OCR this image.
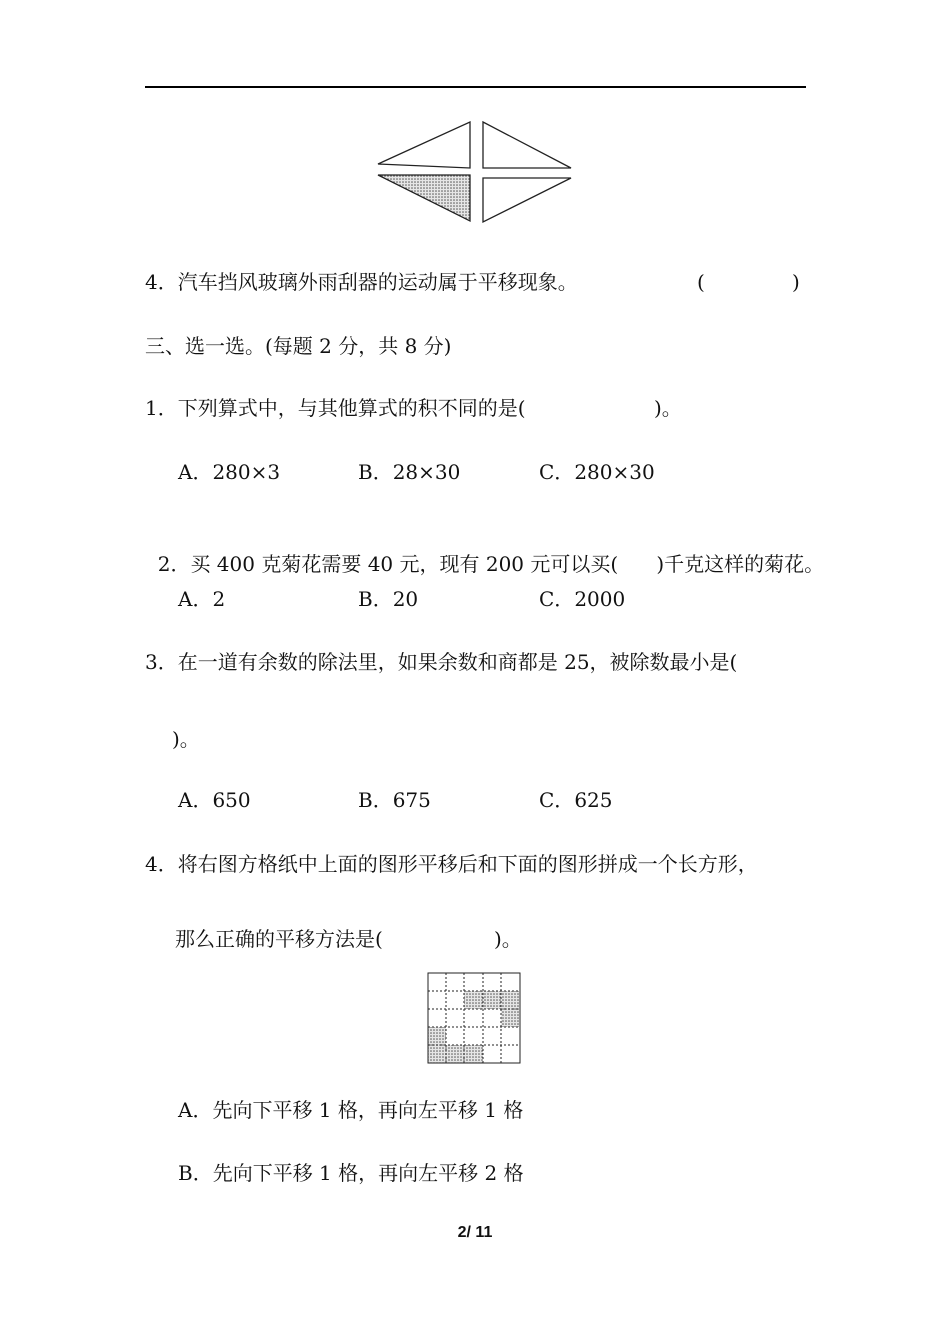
4．汽车挡风玻璃外雨刮器的运动属于平移现象。	(	)
三、选一选。(每题 2 分，共 8 分)
1．下列算式中，与其他算式的积不同的是(	)。
A．280×3	B．28×30	C．280×30

2．买 400 克菊花需要 40 元，现有 200 元可以买(      )千克这样的菊花。

A．2	B．20	C．2000
3．在一道有余数的除法里，如果余数和商都是 25，被除数最小是(
)。
A．650	B．675	C．625
4．将右图方格纸中上面的图形平移后和下面的图形拼成一个长方形，
那么正确的平移方法是(	)。
A．先向下平移 1 格，再向左平移 1 格
B．先向下平移 1 格，再向左平移 2 格
2/ 11
